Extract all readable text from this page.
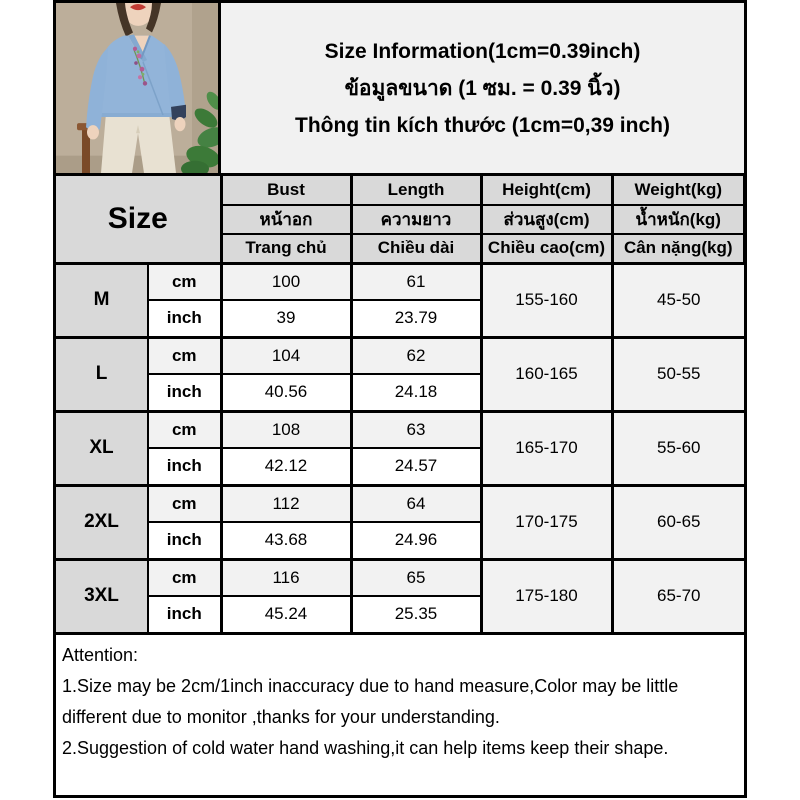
Size Information(1cm=0.39inch)
ข้อมูลขนาด (1 ซม. = 0.39 นิ้ว)
Thông tin kích thước (1cm=0,39 inch)
Size		Bust	Length	Height(cm)	Weight(kg)
		หน้าอก	ความยาว	ส่วนสูง(cm)	น้ำหนัก(kg)
		Trang chủ	Chiều dài	Chiều cao(cm)	Cân nặng(kg)
M	cm	100	61	155-160	45-50
	inch	39	23.79		
L	cm	104	62	160-165	50-55
	inch	40.56	24.18		
XL	cm	108	63	165-170	55-60
	inch	42.12	24.57		
2XL	cm	112	64	170-175	60-65
	inch	43.68	24.96		
3XL	cm	116	65	175-180	65-70
	inch	45.24	25.35		
Attention:
1.Size may be 2cm/1inch inaccuracy due to hand measure,Color may be little different due to monitor ,thanks for your understanding.
2.Suggestion of cold water hand washing,it can help items keep their shape.
